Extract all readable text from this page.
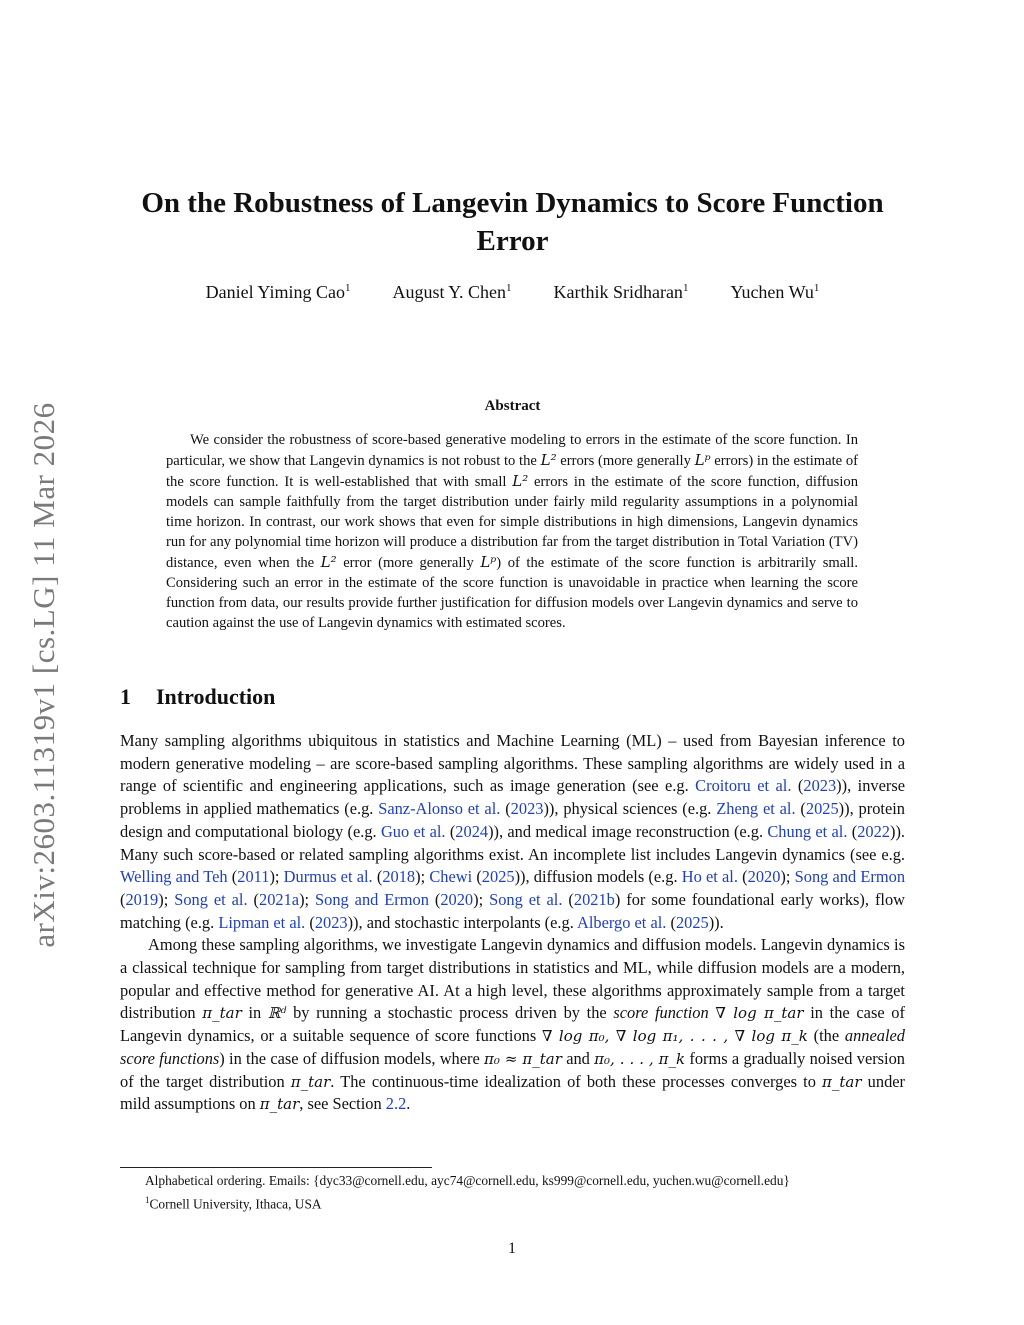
arXiv:2603.11319v1 [cs.LG] 11 Mar 2026
On the Robustness of Langevin Dynamics to Score Function Error
Daniel Yiming Cao$^1$ August Y. Chen$^1$ Karthik Sridharan$^1$ Yuchen Wu$^1$
Abstract

We consider the robustness of score-based generative modeling to errors in the estimate of the score function. In particular, we show that Langevin dynamics is not robust to the L² errors (more generally Lᵖ errors) in the estimate of the score function. It is well-established that with small L² errors in the estimate of the score function, diffusion models can sample faithfully from the target distribution under fairly mild regularity assumptions in a polynomial time horizon. In contrast, our work shows that even for simple distributions in high dimensions, Langevin dynamics run for any polynomial time horizon will produce a distribution far from the target distribution in Total Variation (TV) distance, even when the L² error (more generally Lᵖ) of the estimate of the score function is arbitrarily small. Considering such an error in the estimate of the score function is unavoidable in practice when learning the score function from data, our results provide further justification for diffusion models over Langevin dynamics and serve to caution against the use of Langevin dynamics with estimated scores.

1 Introduction

Many sampling algorithms ubiquitous in statistics and Machine Learning (ML) – used from Bayesian inference to modern generative modeling – are score-based sampling algorithms. These sampling algorithms are widely used in a range of scientific and engineering applications, such as image generation (see e.g. Croitoru et al. (2023)), inverse problems in applied mathematics (e.g. Sanz-Alonso et al. (2023)), physical sciences (e.g. Zheng et al. (2025)), protein design and computational biology (e.g. Guo et al. (2024)), and medical image reconstruction (e.g. Chung et al. (2022)). Many such score-based or related sampling algorithms exist. An incomplete list includes Langevin dynamics (see e.g. Welling and Teh (2011); Durmus et al. (2018); Chewi (2025)), diffusion models (e.g. Ho et al. (2020); Song and Ermon (2019); Song et al. (2021a); Song and Ermon (2020); Song et al. (2021b) for some foundational early works), flow matching (e.g. Lipman et al. (2023)), and stochastic interpolants (e.g. Albergo et al. (2025)).

Among these sampling algorithms, we investigate Langevin dynamics and diffusion models. Langevin dynamics is a classical technique for sampling from target distributions in statistics and ML, while diffusion models are a modern, popular and effective method for generative AI. At a high level, these algorithms approximately sample from a target distribution π_tar in ℝᵈ by running a stochastic process driven by the score function ∇ log π_tar in the case of Langevin dynamics, or a suitable sequence of score functions ∇ log π₀, ∇ log π₁, . . . , ∇ log π_k (the annealed score functions) in the case of diffusion models, where π₀ ≈ π_tar and π₀, . . . , π_k forms a gradually noised version of the target distribution π_tar. The continuous-time idealization of both these processes converges to π_tar under mild assumptions on π_tar, see Section 2.2.

Alphabetical ordering. Emails: {dyc33@cornell.edu, ayc74@cornell.edu, ks999@cornell.edu, yuchen.wu@cornell.edu}
$^1$Cornell University, Ithaca, USA
1
